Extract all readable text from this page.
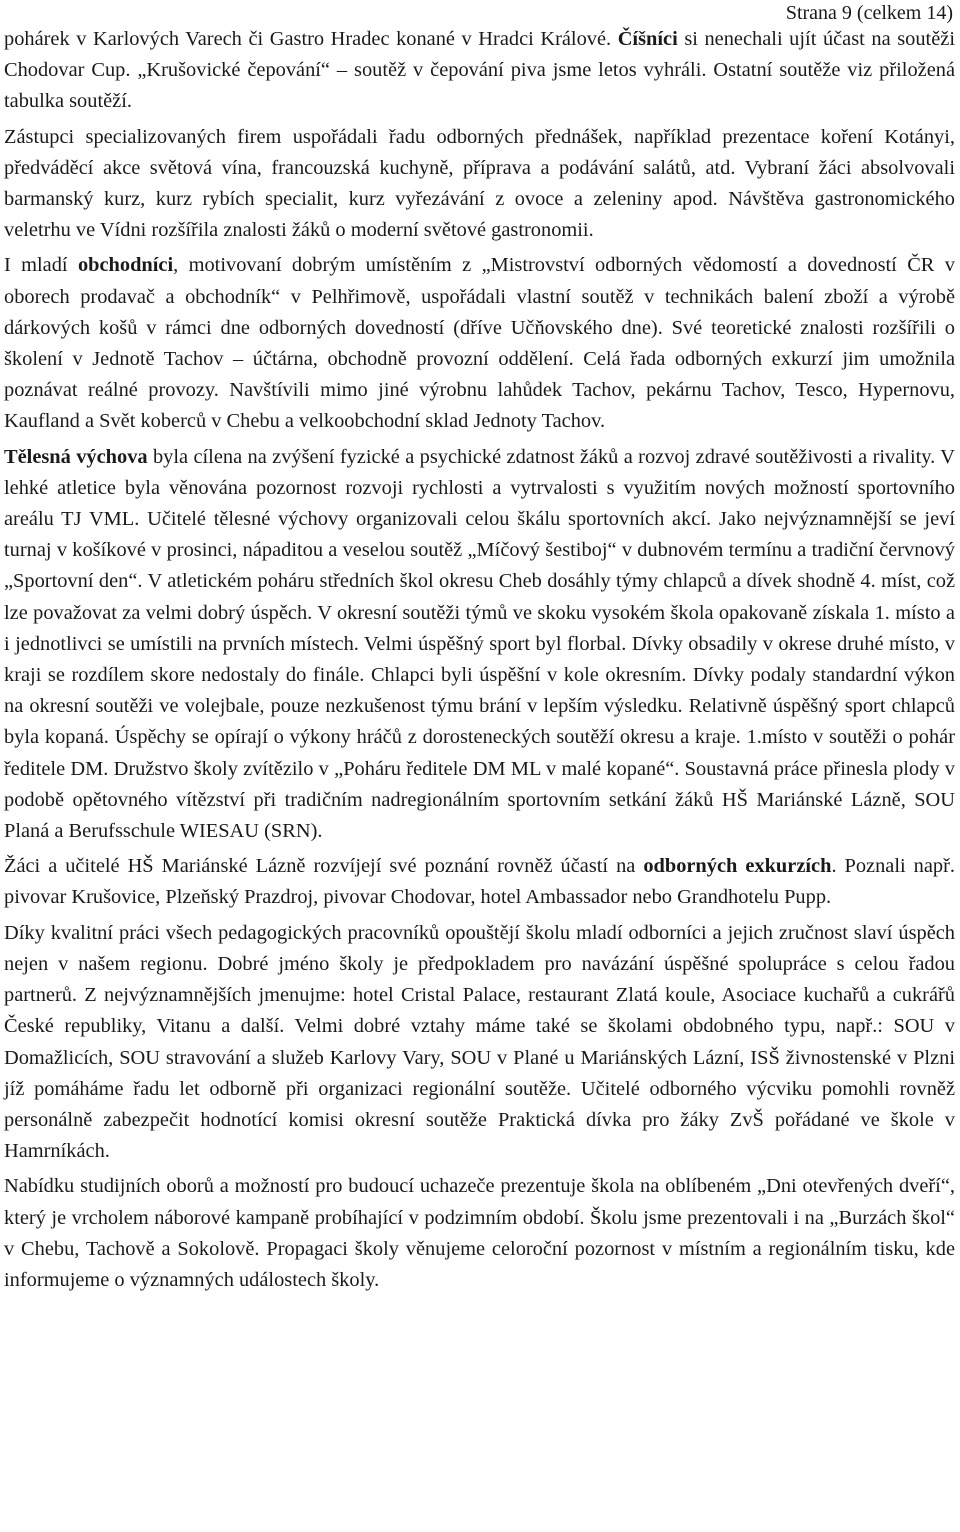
Strana 9 (celkem 14)

pohárek v Karlových Varech či Gastro Hradec konané v Hradci Králové. Číšníci si nenechali ujít účast na soutěži Chodovar Cup. „Krušovické čepování“ – soutěž v čepování piva jsme letos vyhráli. Ostatní soutěže viz přiložená tabulka soutěží.

Zástupci specializovaných firem uspořádali řadu odborných přednášek, například prezentace koření Kotányi, předváděcí akce světová vína, francouzská kuchyně, příprava a podávání salátů, atd. Vybraní žáci absolvovali barmanský kurz, kurz rybích specialit, kurz vyřezávání z ovoce a zeleniny apod. Návštěva gastronomického veletrhu ve Vídni rozšířila znalosti žáků o moderní světové gastronomii.

I mladí obchodníci, motivovaní dobrým umístěním z „Mistrovství odborných vědomostí a dovedností ČR v oborech prodavač a obchodník“ v Pelhřimově, uspořádali vlastní soutěž v technikách balení zboží a výrobě dárkových košů v rámci dne odborných dovedností (dříve Učňovského dne). Své teoretické znalosti rozšířili o školení v Jednotě Tachov – účtárna, obchodně provozní oddělení. Celá řada odborných exkurzí jim umožnila poznávat reálné provozy. Navštívili mimo jiné výrobnu lahůdek Tachov, pekárnu Tachov, Tesco, Hypernovu, Kaufland a Svět koberců v Chebu a velkoobchodní sklad Jednoty Tachov.

Tělesná výchova byla cílena na zvýšení fyzické a psychické zdatnost žáků a rozvoj zdravé soutěživosti a rivality. V lehké atletice byla věnována pozornost rozvoji rychlosti a vytrvalosti s využitím nových možností sportovního areálu TJ VML. Učitelé tělesné výchovy organizovali celou škálu sportovních akcí. Jako nejvýznamnější se jeví turnaj v košíkové v prosinci, nápaditou a veselou soutěž „Míčový šestiboj“ v dubnovém termínu a tradiční červnový „Sportovní den“. V atletickém poháru středních škol okresu Cheb dosáhly týmy chlapců a dívek shodně 4. míst, což lze považovat za velmi dobrý úspěch. V okresní soutěži týmů ve skoku vysokém škola opakovaně získala 1. místo a i jednotlivci se umístili na prvních místech. Velmi úspěšný sport byl florbal. Dívky obsadily v okrese druhé místo, v kraji se rozdílem skore nedostaly do finále. Chlapci byli úspěšní v kole okresním. Dívky podaly standardní výkon na okresní soutěži ve volejbale, pouze nezkušenost týmu brání v lepším výsledku. Relativně úspěšný sport chlapců byla kopaná. Úspěchy se opírají o výkony hráčů z dorosteneckých soutěží okresu a kraje. 1.místo v soutěži o pohár ředitele DM. Družstvo školy zvítězilo v „Poháru ředitele DM ML v malé kopané“. Soustavná práce přinesla plody v podobě opětovného vítězství při tradičním nadregionálním sportovním setkání žáků HŠ Mariánské Lázně, SOU Planá a Berufsschule WIESAU (SRN).

Žáci a učitelé HŠ Mariánské Lázně rozvíjejí své poznání rovněž účastí na odborných exkurzích. Poznali např. pivovar Krušovice, Plzeňský Prazdroj, pivovar Chodovar, hotel Ambassador nebo Grandhotelu Pupp.

Díky kvalitní práci všech pedagogických pracovníků opouštějí školu mladí odborníci a jejich zručnost slaví úspěch nejen v našem regionu. Dobré jméno školy je předpokladem pro navázání úspěšné spolupráce s celou řadou partnerů. Z nejvýznamnějších jmenujme: hotel Cristal Palace, restaurant Zlatá koule, Asociace kuchařů a cukrářů České republiky, Vitanu a další. Velmi dobré vztahy máme také se školami obdobného typu, např.: SOU v Domažlicích, SOU stravování a služeb Karlovy Vary, SOU v Plané u Mariánských Lázní, ISŠ živnostenské v Plzni jíž pomáháme řadu let odborně při organizaci regionální soutěže. Učitelé odborného výcviku pomohli rovněž personálně zabezpečit hodnotící komisi okresní soutěže Praktická dívka pro žáky ZvŠ pořádané ve škole v Hamrníkách.

Nabídku studijních oborů a možností pro budoucí uchazeče prezentuje škola na oblíbeném „Dni otevřených dveří“, který je vrcholem náborové kampaně probíhající v podzimním období. Školu jsme prezentovali i na „Burzách škol“ v Chebu, Tachově a Sokolově. Propagaci školy věnujeme celoroční pozornost v místním a regionálním tisku, kde informujeme o významných událostech školy.
